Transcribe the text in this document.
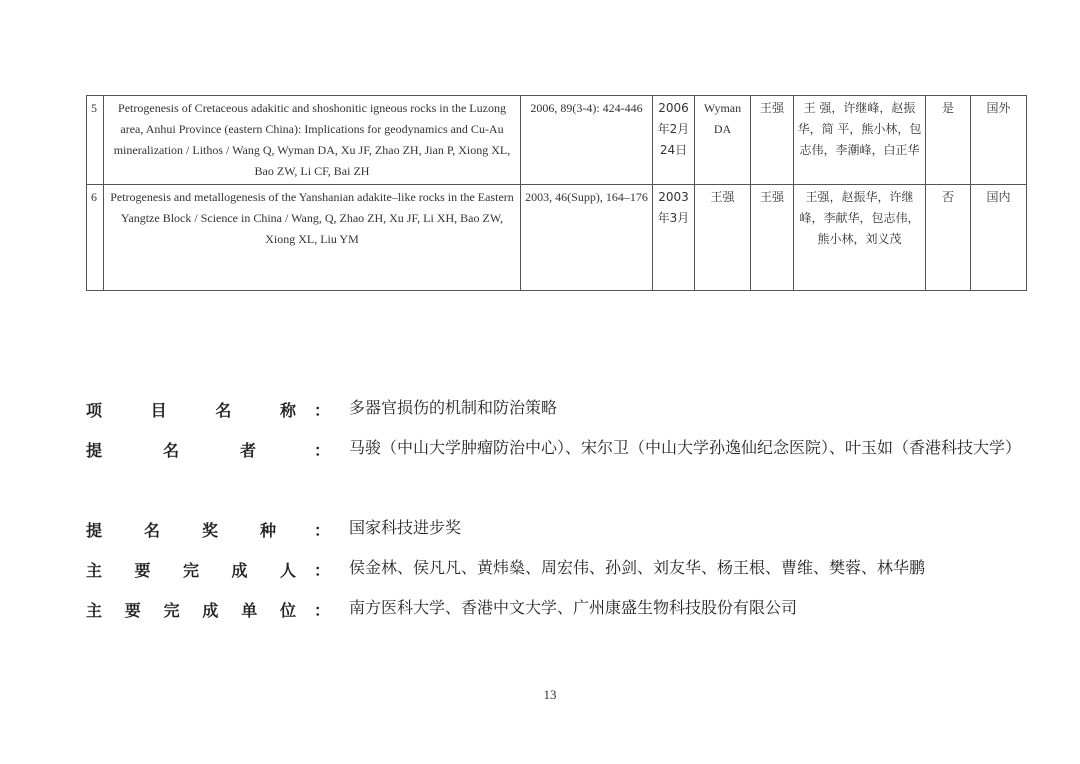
5	Petrogenesis of Cretaceous adakitic and shoshonitic igneous rocks in the Luzong area, Anhui Province (eastern China): Implications for geodynamics and Cu-Au mineralization / Lithos / Wang Q, Wyman DA, Xu JF, Zhao ZH, Jian P, Xiong XL, Bao ZW, Li CF, Bai ZH	2006, 89(3-4): 424-446	2006年2月24日	Wyman DA	王强	王 强，许继峰，赵振华，简 平，熊小林，包志伟，李潮峰，白正华	是	国外
6	Petrogenesis and metallogenesis of the Yanshanian adakite–like rocks in the Eastern Yangtze Block / Science in China / Wang, Q, Zhao ZH, Xu JF, Li XH, Bao ZW, Xiong XL, Liu YM	2003, 46(Supp), 164–176	2003年3月	王强	王强	王强，赵振华，许继峰，李献华，包志伟，熊小林，刘义茂	否	国内
项	目	名	称 ： 多器官损伤的机制和防治策略
提	名	者	： 马骏（中山大学肿瘤防治中心）、宋尔卫（中山大学孙逸仙纪念医院）、叶玉如（香港科技大学）
提	名	奖	种 ： 国家科技进步奖
主 要 完 成 人 ： 侯金林、侯凡凡、黄炜燊、周宏伟、孙剑、刘友华、杨王根、曹维、樊蓉、林华鹏
主 要 完 成 单 位 ： 南方医科大学、香港中文大学、广州康盛生物科技股份有限公司
13
